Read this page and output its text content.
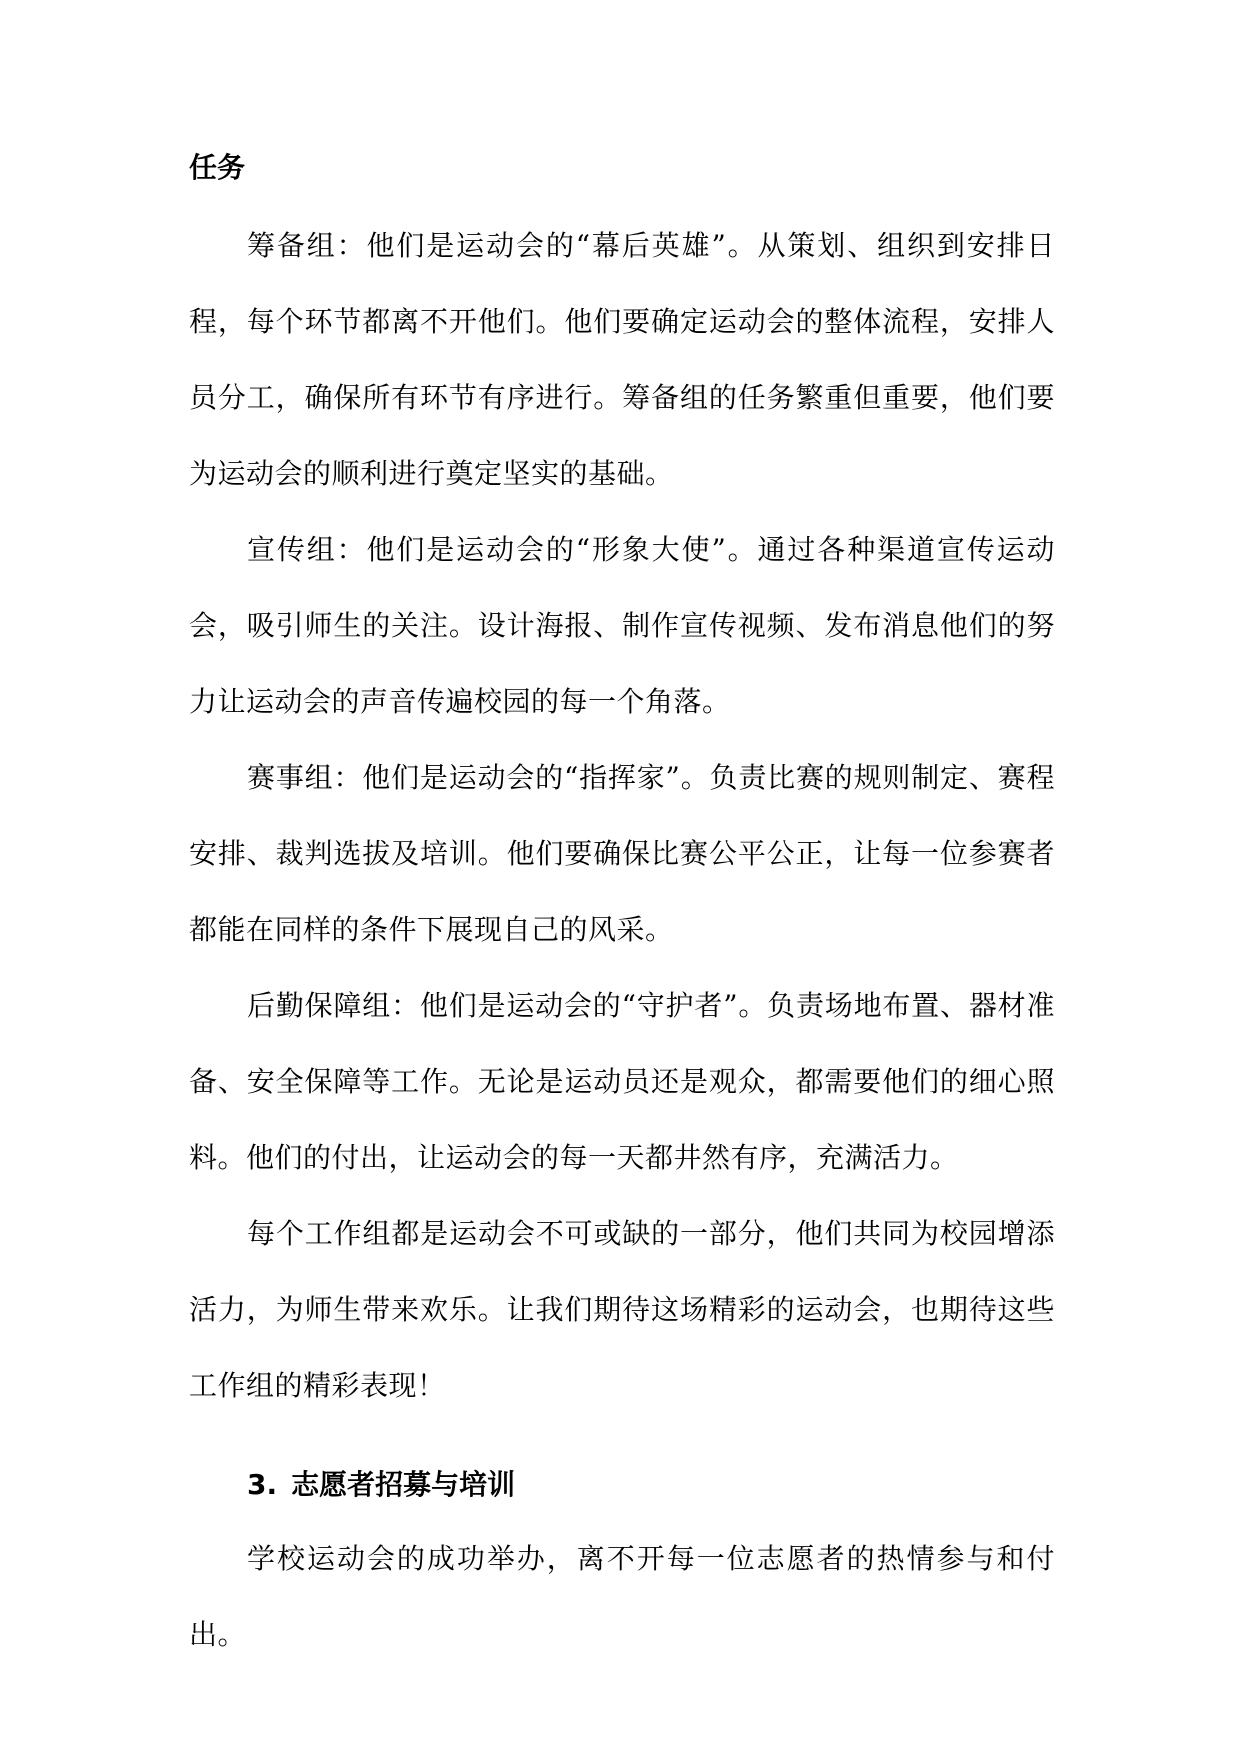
任务

筹备组：他们是运动会的“幕后英雄”。从策划、组织到安排日程，每个环节都离不开他们。他们要确定运动会的整体流程，安排人员分工，确保所有环节有序进行。筹备组的任务繁重但重要，他们要为运动会的顺利进行奠定坚实的基础。

宣传组：他们是运动会的“形象大使”。通过各种渠道宣传运动会，吸引师生的关注。设计海报、制作宣传视频、发布消息他们的努力让运动会的声音传遍校园的每一个角落。

赛事组：他们是运动会的“指挥家”。负责比赛的规则制定、赛程安排、裁判选拔及培训。他们要确保比赛公平公正，让每一位参赛者都能在同样的条件下展现自己的风采。

后勤保障组：他们是运动会的“守护者”。负责场地布置、器材准备、安全保障等工作。无论是运动员还是观众，都需要他们的细心照料。他们的付出，让运动会的每一天都井然有序，充满活力。

每个工作组都是运动会不可或缺的一部分，他们共同为校园增添活力，为师生带来欢乐。让我们期待这场精彩的运动会，也期待这些工作组的精彩表现！

3. 志愿者招募与培训

学校运动会的成功举办，离不开每一位志愿者的热情参与和付出。
